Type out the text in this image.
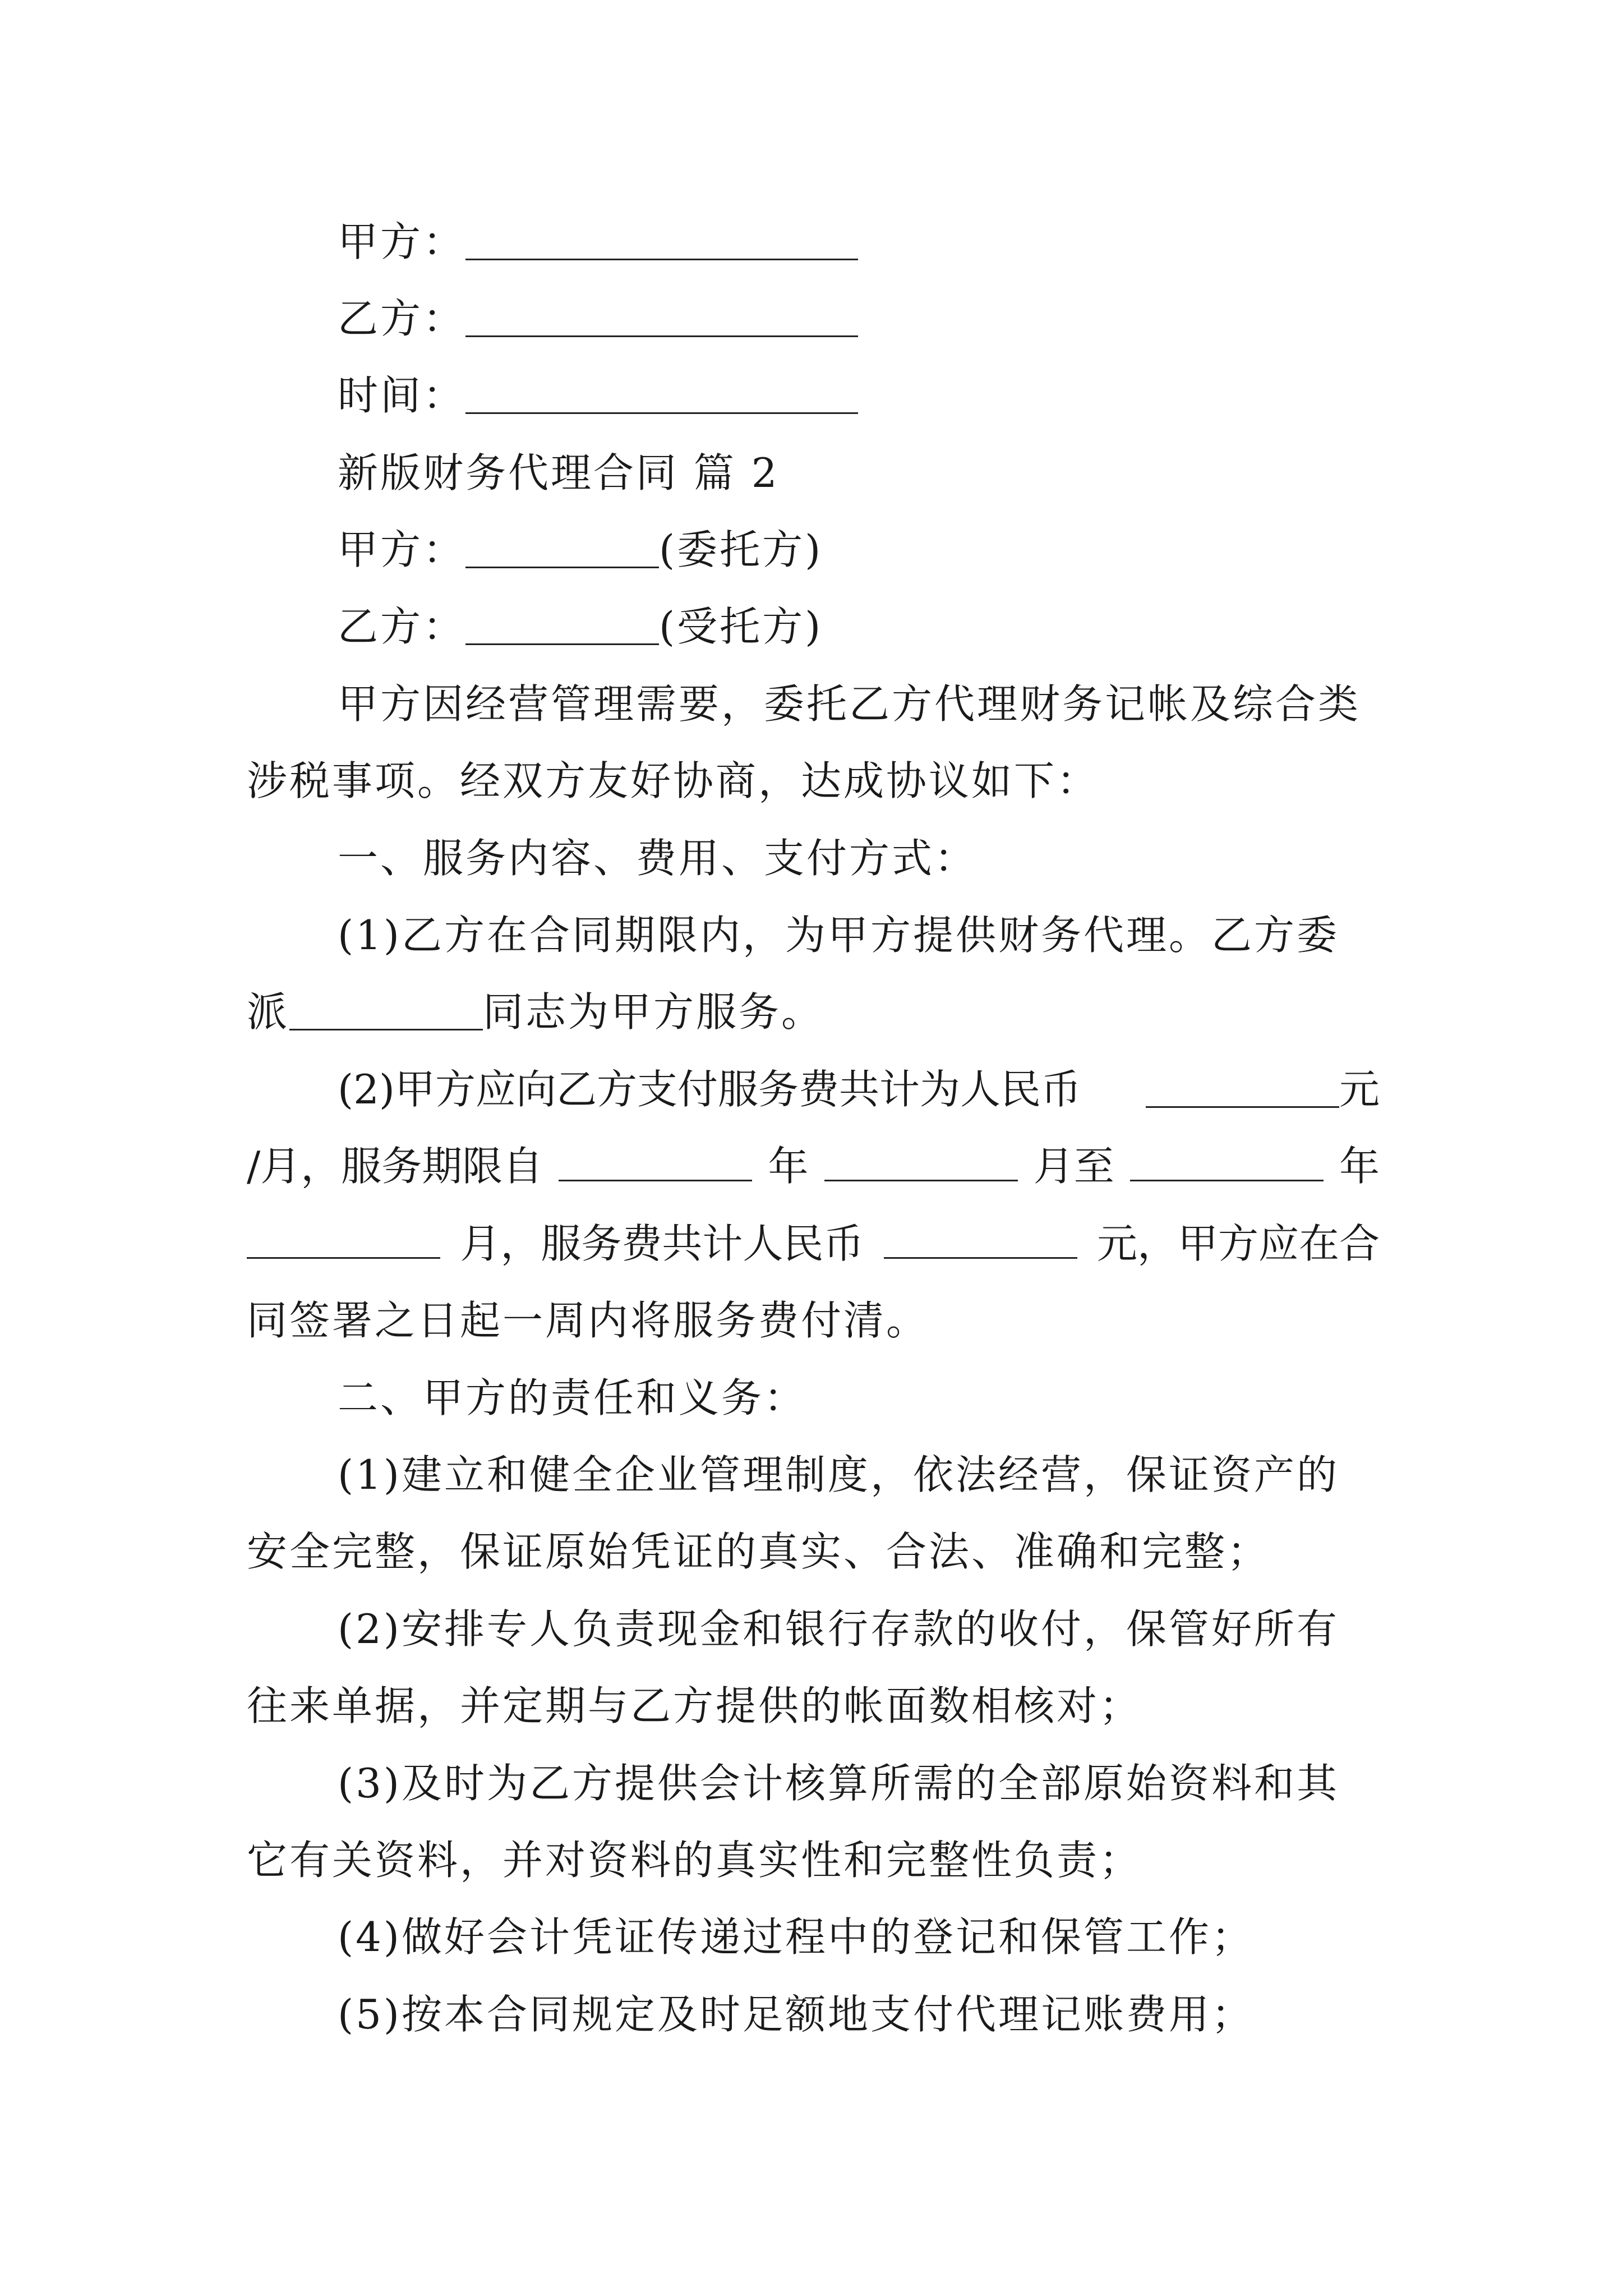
甲方：
乙方：
时间：
新版财务代理合同 篇 2
甲方：	(委托方)
乙方：	(受托方)
甲方因经营管理需要，委托乙方代理财务记帐及综合类
涉税事项。经双方友好协商，达成协议如下：
一、服务内容、费用、支付方式：
(1)乙方在合同期限内，为甲方提供财务代理。乙方委
派	同志为甲方服务。
(2)甲方应向乙方支付服务费共计为人民币	元
/月，服务期限自	年	月至	年
月，服务费共计人民币	元，甲方应在合
同签署之日起一周内将服务费付清。
二、甲方的责任和义务：
(1)建立和健全企业管理制度，依法经营，保证资产的
安全完整，保证原始凭证的真实、合法、准确和完整；
(2)安排专人负责现金和银行存款的收付，保管好所有
往来单据，并定期与乙方提供的帐面数相核对；
(3)及时为乙方提供会计核算所需的全部原始资料和其
它有关资料，并对资料的真实性和完整性负责；
(4)做好会计凭证传递过程中的登记和保管工作；
(5)按本合同规定及时足额地支付代理记账费用；
